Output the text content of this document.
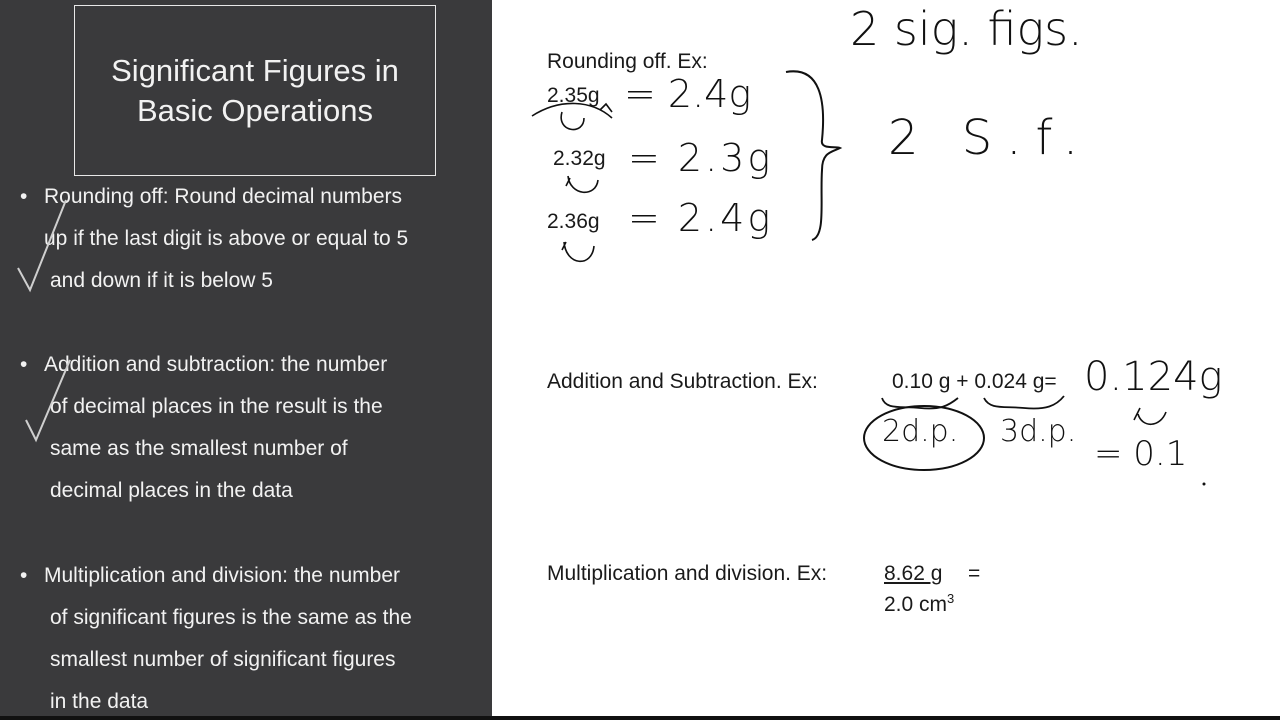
Significant Figures in
Basic Operations
• Rounding off: Round decimal numbers
up if the last digit is above or equal to 5
and down if it is below 5
• Addition and subtraction: the number
of decimal places in the result is the
same as the smallest number of
decimal places in the data
• Multiplication and division: the number
of significant figures is the same as the
smallest number of significant figures
in the data
Rounding off. Ex:
2.35g
2.32g
2.36g
Addition and Subtraction. Ex:	0.10 g + 0.024 g=
Multiplication and division. Ex:	8.62 g =
2.0 $cm^3$
2 sig. figs.
2 S.f.
= 2.4g
= 2.3g
= 2.4g
0.124g
2d.p. 3d.p.
= 0.1
